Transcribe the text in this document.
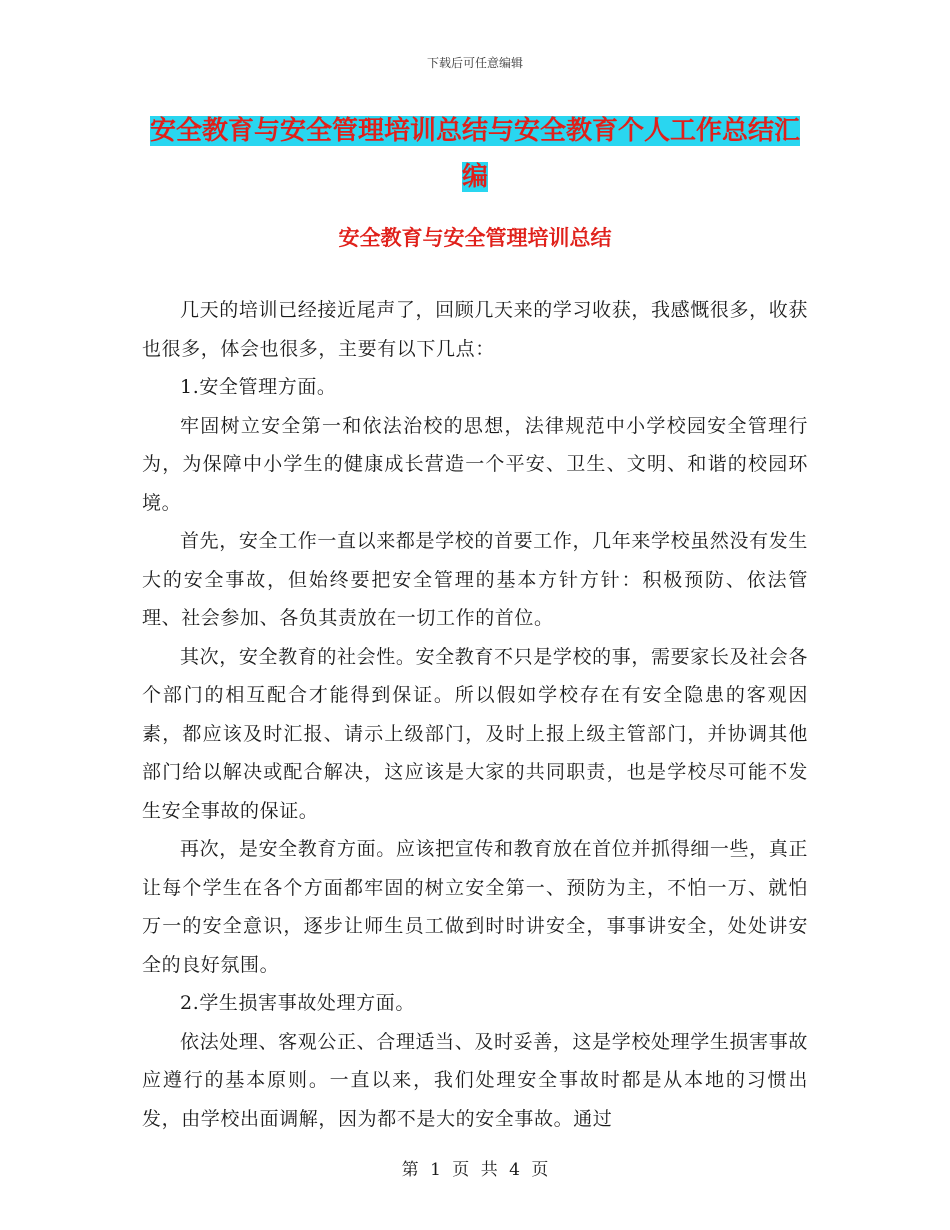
下载后可任意编辑
安全教育与安全管理培训总结与安全教育个人工作总结汇编
安全教育与安全管理培训总结

几天的培训已经接近尾声了，回顾几天来的学习收获，我感慨很多，收获也很多，体会也很多，主要有以下几点：

1.安全管理方面。

牢固树立安全第一和依法治校的思想，法律规范中小学校园安全管理行为，为保障中小学生的健康成长营造一个平安、卫生、文明、和谐的校园环境。

首先，安全工作一直以来都是学校的首要工作，几年来学校虽然没有发生大的安全事故，但始终要把安全管理的基本方针方针：积极预防、依法管理、社会参加、各负其责放在一切工作的首位。

其次，安全教育的社会性。安全教育不只是学校的事，需要家长及社会各个部门的相互配合才能得到保证。所以假如学校存在有安全隐患的客观因素，都应该及时汇报、请示上级部门，及时上报上级主管部门，并协调其他部门给以解决或配合解决，这应该是大家的共同职责，也是学校尽可能不发生安全事故的保证。

再次，是安全教育方面。应该把宣传和教育放在首位并抓得细一些，真正让每个学生在各个方面都牢固的树立安全第一、预防为主，不怕一万、就怕万一的安全意识，逐步让师生员工做到时时讲安全，事事讲安全，处处讲安全的良好氛围。

2.学生损害事故处理方面。

依法处理、客观公正、合理适当、及时妥善，这是学校处理学生损害事故应遵行的基本原则。一直以来，我们处理安全事故时都是从本地的习惯出发，由学校出面调解，因为都不是大的安全事故。通过

第 1 页 共 4 页
